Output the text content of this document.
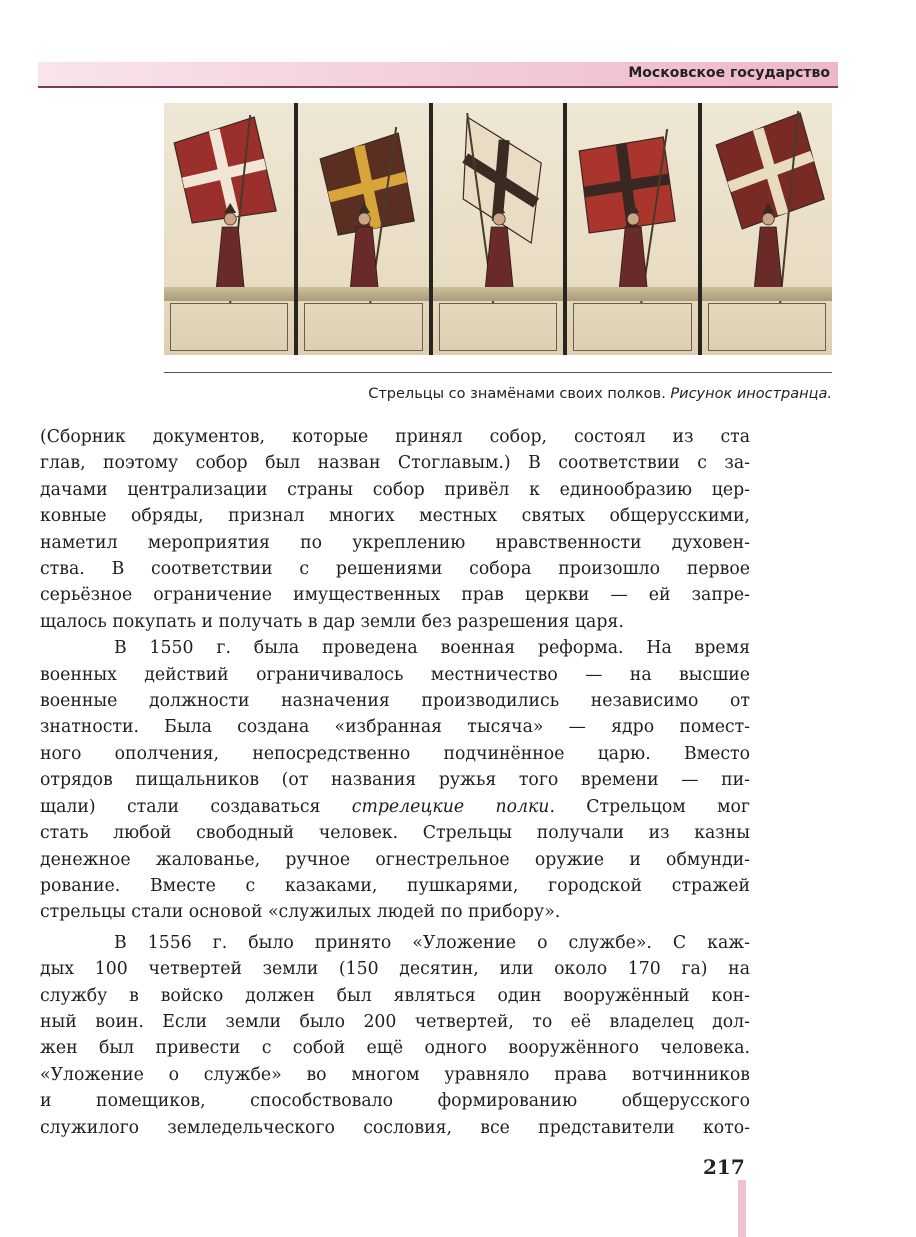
Московское государство
Стрельцы со знамёнами своих полков. Рисунок иностранца.

(Сборник документов, которые принял собор, состоял из ста

глав, поэтому собор был назван Стоглавым.) В соответствии с за-

дачами централизации страны собор привёл к единообразию цер-

ковные обряды, признал многих местных святых общерусскими,

наметил мероприятия по укреплению нравственности духовен-

ства. В соответствии с решениями собора произошло первое

серьёзное ограничение имущественных прав церкви — ей запре-

щалось покупать и получать в дар земли без разрешения царя.

В 1550 г. была проведена военная реформа. На время

военных действий ограничивалось местничество — на высшие

военные должности назначения производились независимо от

знатности. Была создана «избранная тысяча» — ядро помест-

ного ополчения, непосредственно подчинённое царю. Вместо

отрядов пищальников (от названия ружья того времени — пи-

щали) стали создаваться стрелецкие полки. Стрельцом мог

стать любой свободный человек. Стрельцы получали из казны

денежное жалованье, ручное огнестрельное оружие и обмунди-

рование. Вместе с казаками, пушкарями, городской стражей

стрельцы стали основой «служилых людей по прибору».

В 1556 г. было принято «Уложение о службе». С каж-

дых 100 четвертей земли (150 десятин, или около 170 га) на

службу в войско должен был являться один вооружённый кон-

ный воин. Если земли было 200 четвертей, то её владелец дол-

жен был привести с собой ещё одного вооружённого человека.

«Уложение о службе» во многом уравняло права вотчинников

и помещиков, способствовало формированию общерусского

служилого земледельческого сословия, все представители кото-

217
